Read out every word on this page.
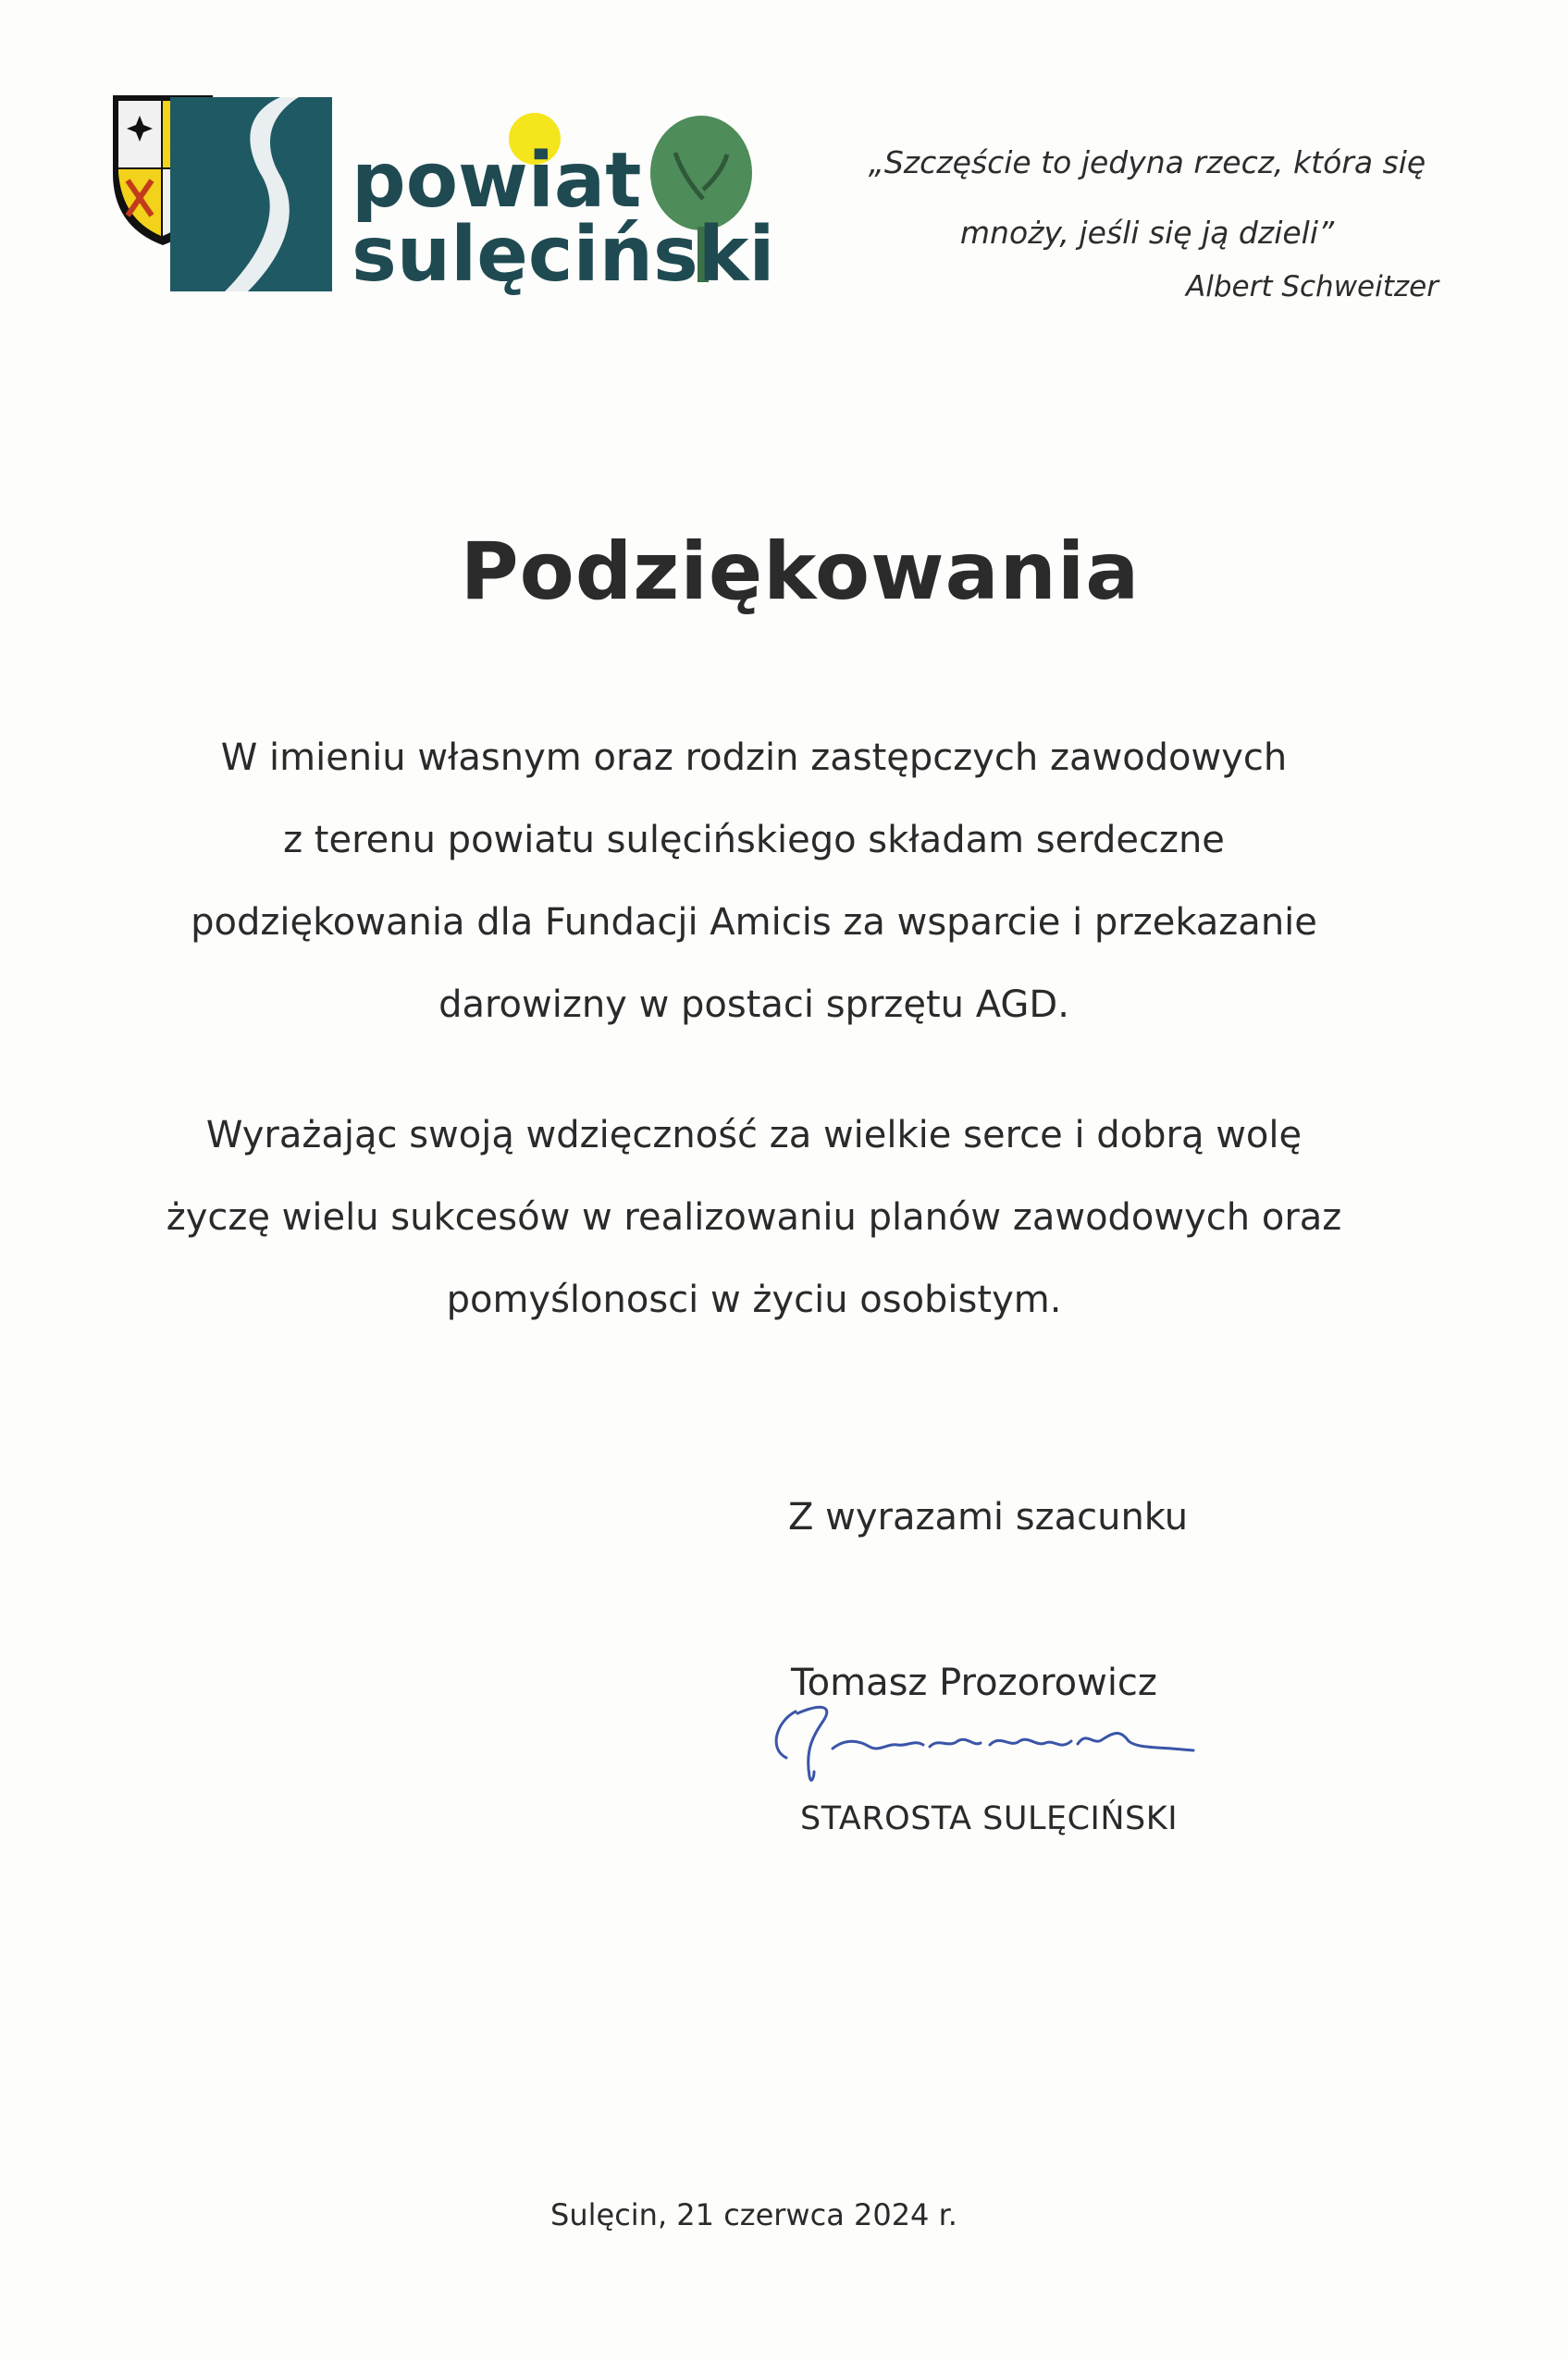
powiat
sulęciński
„Szczęście to jedyna rzecz, która się
mnoży, jeśli się ją dzieli”
Albert Schweitzer
Podziękowania
W imieniu własnym oraz rodzin zastępczych zawodowych
z terenu powiatu sulęcińskiego składam serdeczne
podziękowania dla Fundacji Amicis za wsparcie i przekazanie
darowizny w postaci sprzętu AGD.
Wyrażając swoją wdzięczność za wielkie serce i dobrą wolę
życzę wielu sukcesów w realizowaniu planów zawodowych oraz
pomyślonosci w życiu osobistym.
Z wyrazami szacunku
Tomasz Prozorowicz
STAROSTA SULĘCIŃSKI
Sulęcin, 21 czerwca 2024 r.
